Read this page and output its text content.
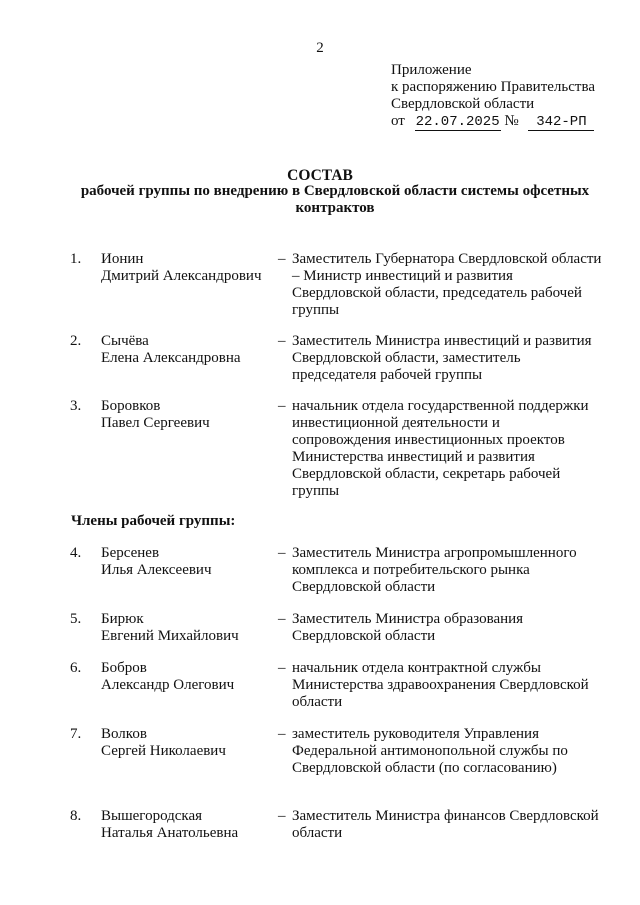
2
Приложение
к распоряжению Правительства
Свердловской области
от 22.07.2025 № 342-РП
СОСТАВ
рабочей группы по внедрению в Свердловской области системы офсетных контрактов
Члены рабочей группы:
1. Ионин
Дмитрий Александрович
– Заместитель Губернатора Свердловской области – Министр инвестиций и развития Свердловской области, председатель рабочей группы
2. Сычёва
Елена Александровна
– Заместитель Министра инвестиций и развития Свердловской области, заместитель председателя рабочей группы
3. Боровков
Павел Сергеевич
– начальник отдела государственной поддержки инвестиционной деятельности и сопровождения инвестиционных проектов Министерства инвестиций и развития Свердловской области, секретарь рабочей группы
4. Берсенев
Илья Алексеевич
– Заместитель Министра агропромышленного комплекса и потребительского рынка Свердловской области
5. Бирюк
Евгений Михайлович
– Заместитель Министра образования Свердловской области
6. Бобров
Александр Олегович
– начальник отдела контрактной службы Министерства здравоохранения Свердловской области
7. Волков
Сергей Николаевич
– заместитель руководителя Управления Федеральной антимонопольной службы по Свердловской области (по согласованию)
8. Вышегородская
Наталья Анатольевна
– Заместитель Министра финансов Свердловской области
